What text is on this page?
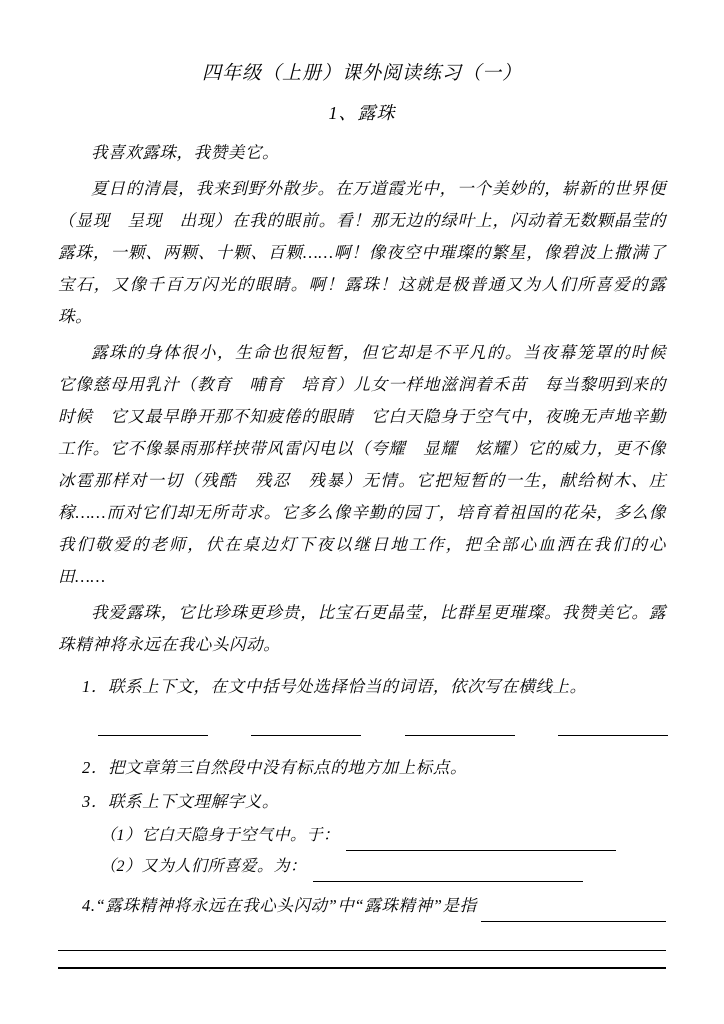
四年级（上册）课外阅读练习（一）
1、露珠

我喜欢露珠，我赞美它。

夏日的清晨，我来到野外散步。在万道霞光中，一个美妙的，崭新的世界便（显现　呈现　出现）在我的眼前。看！那无边的绿叶上，闪动着无数颗晶莹的露珠，一颗、两颗、十颗、百颗……啊！像夜空中璀璨的繁星，像碧波上撒满了宝石，又像千百万闪光的眼睛。啊！露珠！这就是极普通又为人们所喜爱的露珠。

露珠的身体很小，生命也很短暂，但它却是不平凡的。当夜幕笼罩的时候　它像慈母用乳汁（教育　哺育　培育）儿女一样地滋润着禾苗　每当黎明到来的时候　它又最早睁开那不知疲倦的眼睛　它白天隐身于空气中，夜晚无声地辛勤工作。它不像暴雨那样挟带风雷闪电以（夸耀　显耀　炫耀）它的威力，更不像冰雹那样对一切（残酷　残忍　残暴）无情。它把短暂的一生，献给树木、庄稼……而对它们却无所苛求。它多么像辛勤的园丁，培育着祖国的花朵，多么像我们敬爱的老师，伏在桌边灯下夜以继日地工作，把全部心血洒在我们的心田……

我爱露珠，它比珍珠更珍贵，比宝石更晶莹，比群星更璀璨。我赞美它。露珠精神将永远在我心头闪动。

1．联系上下文，在文中括号处选择恰当的词语，依次写在横线上。
2．把文章第三自然段中没有标点的地方加上标点。
3．联系上下文理解字义。
（1）它白天隐身于空气中。于：
（2）又为人们所喜爱。为：
4.“露珠精神将永远在我心头闪动”中“露珠精神”是指
